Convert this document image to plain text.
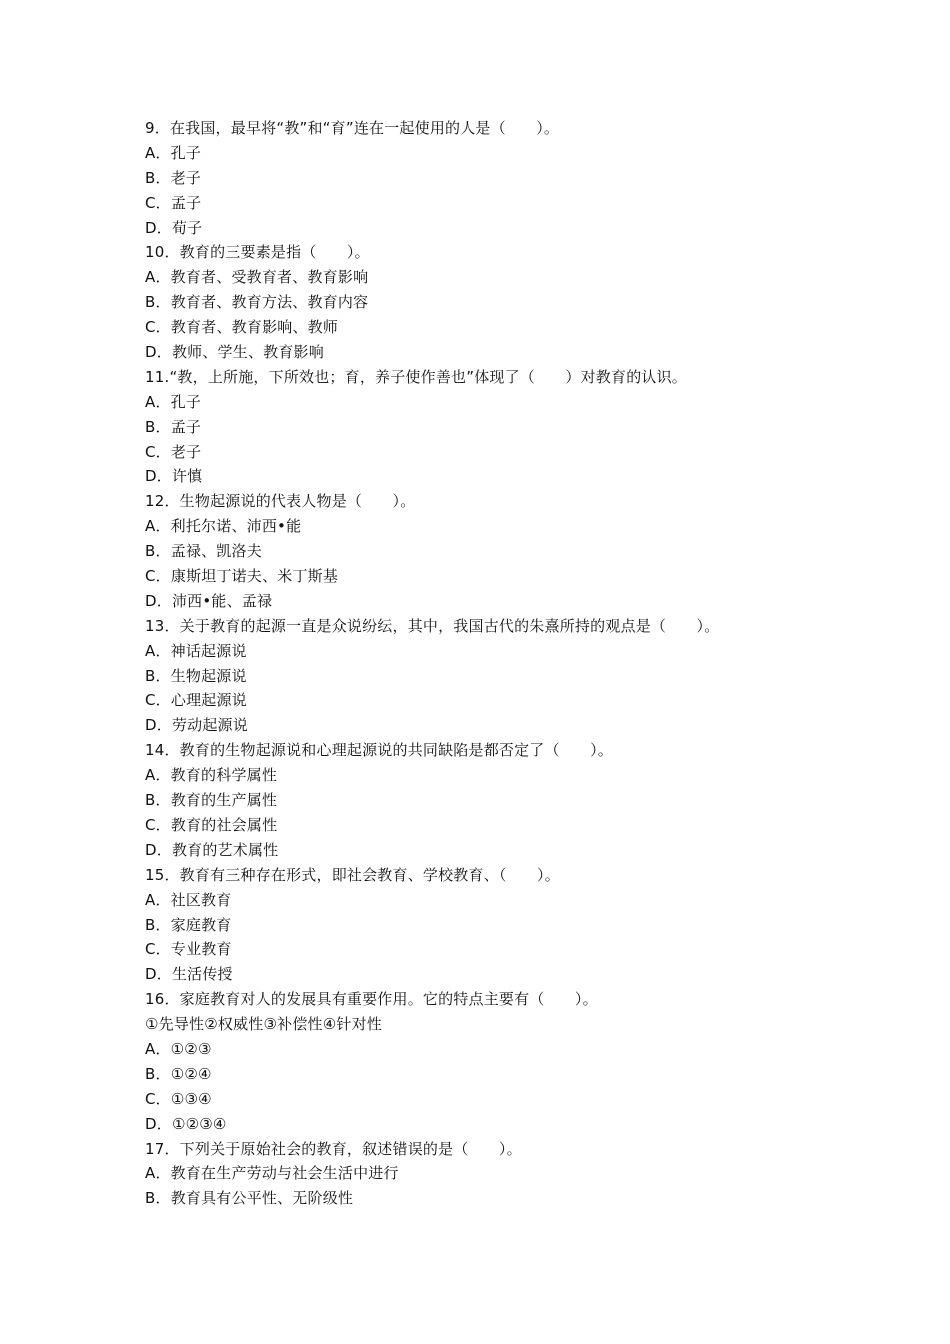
9．在我国，最早将“教”和“育”连在一起使用的人是（　　）。
A．孔子
B．老子
C．孟子
D．荀子
10．教育的三要素是指（　　）。
A．教育者、受教育者、教育影响
B．教育者、教育方法、教育内容
C．教育者、教育影响、教师
D．教师、学生、教育影响
11.“教，上所施，下所效也；育，养子使作善也”体现了（　　）对教育的认识。
A．孔子
B．孟子
C．老子
D．许慎
12．生物起源说的代表人物是（　　）。
A．利托尔诺、沛西•能
B．孟禄、凯洛夫
C．康斯坦丁诺夫、米丁斯基
D．沛西•能、孟禄
13．关于教育的起源一直是众说纷纭，其中，我国古代的朱熹所持的观点是（　　）。
A．神话起源说
B．生物起源说
C．心理起源说
D．劳动起源说
14．教育的生物起源说和心理起源说的共同缺陷是都否定了（　　）。
A．教育的科学属性
B．教育的生产属性
C．教育的社会属性
D．教育的艺术属性
15．教育有三种存在形式，即社会教育、学校教育、（　　）。
A．社区教育
B．家庭教育
C．专业教育
D．生活传授
16．家庭教育对人的发展具有重要作用。它的特点主要有（　　）。
①先导性②权威性③补偿性④针对性
A．①②③
B．①②④
C．①③④
D．①②③④
17．下列关于原始社会的教育，叙述错误的是（　　）。
A．教育在生产劳动与社会生活中进行
B．教育具有公平性、无阶级性
